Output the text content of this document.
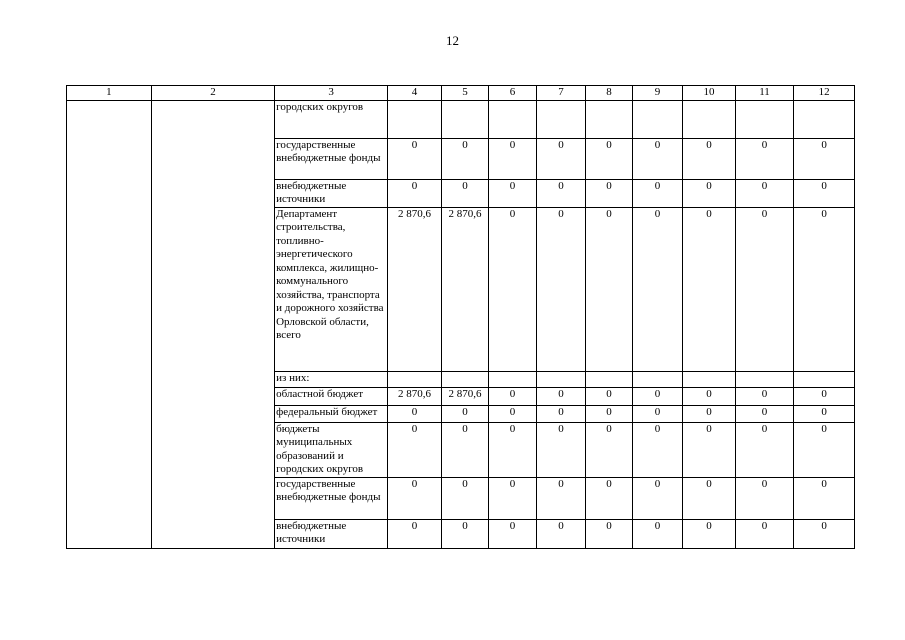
12
1	2	3	4	5	6	7	8	9	10	11	12
		городских округов									
		государственные внебюджетные фонды	0	0	0	0	0	0	0	0	0
		внебюджетные источники	0	0	0	0	0	0	0	0	0
		Департамент строительства, топливно-энергетического комплекса, жилищно-коммунального хозяйства, транспорта и дорожного хозяйства Орловской области, всего	2 870,6	2 870,6	0	0	0	0	0	0	0
		из них:									
		областной бюджет	2 870,6	2 870,6	0	0	0	0	0	0	0
		федеральный бюджет	0	0	0	0	0	0	0	0	0
		бюджеты муниципальных образований и городских округов	0	0	0	0	0	0	0	0	0
		государственные внебюджетные фонды	0	0	0	0	0	0	0	0	0
		внебюджетные источники	0	0	0	0	0	0	0	0	0
